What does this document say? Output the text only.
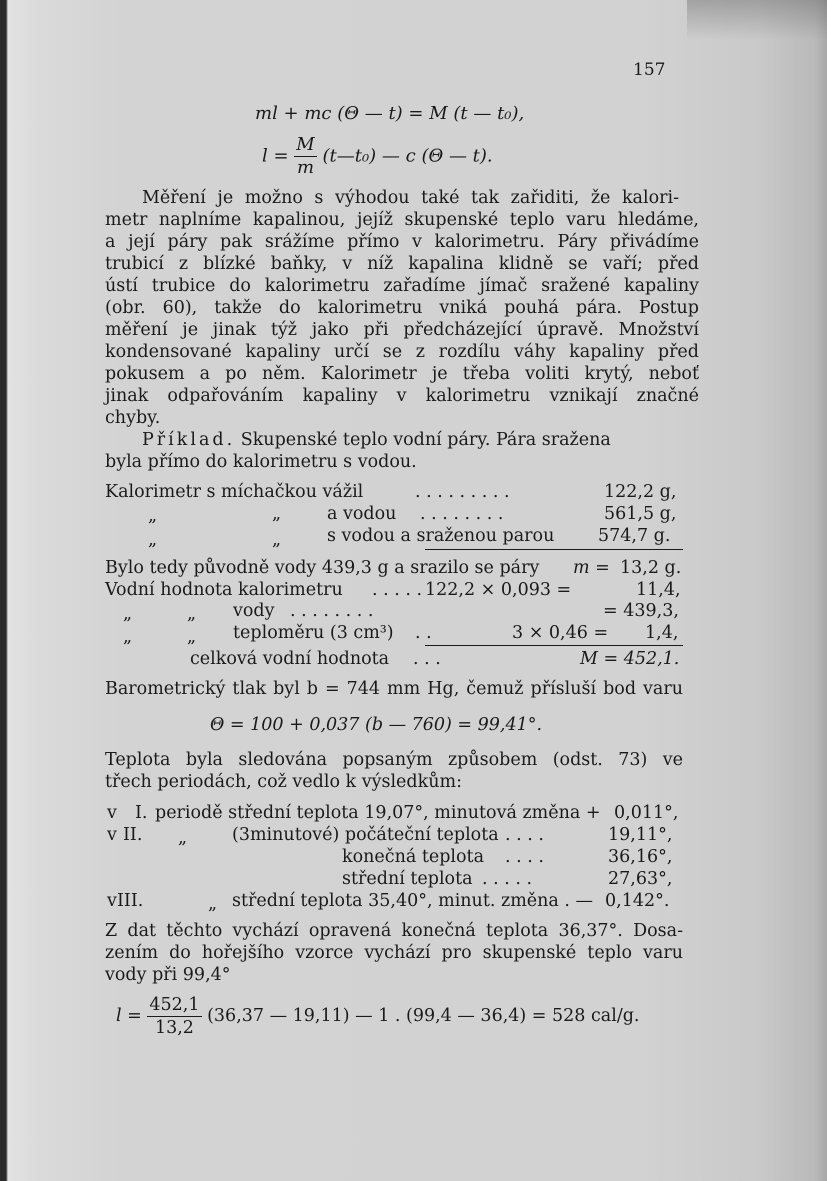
157
ml + mc (Θ — t) = M (t — t₀),
$l = \frac{M}{m}$ (t—t₀) — c (Θ — t).
Měření je možno s výhodou také tak zařiditi, že kalori-
metr naplníme kapalinou, jejíž skupenské teplo varu hledáme,
a její páry pak srážíme přímo v kalorimetru. Páry přivádíme
trubicí z blízké baňky, v níž kapalina klidně se vaří; před
ústí trubice do kalorimetru zařadíme jímač sražené kapaliny
(obr. 60), takže do kalorimetru vniká pouhá pára. Postup
měření je jinak týž jako při předcházející úpravě. Množství
kondensované kapaliny určí se z rozdílu váhy kapaliny před
pokusem a po něm. Kalorimetr je třeba voliti krytý, neboť
jinak odpařováním kapaliny v kalorimetru vznikají značné
chyby.
Příklad. Skupenské teplo vodní páry. Pára sražena
byla přímo do kalorimetru s vodou.
Kalorimetr s míchačkou vážil	. . . . . . . . .	122,2 g,
„	„	a vodou . . . . . . . .	561,5 g,
„	„	s vodou a sraženou parou 574,7 g.
Bylo tedy původně vody 439,3 g a srazilo se páry m = 13,2 g.
Vodní hodnota kalorimetru . . . . . 122,2 × 0,093 =	11,4,
„	„ vody . . . . . . . .	= 439,3,
„	„ teploměru (3 cm³) . .	3 × 0,46 = 1,4,
celková vodní hodnota . . .	M = 452,1.
Barometrický tlak byl b = 744 mm Hg, čemuž přísluší bod varu
Θ = 100 + 0,037 (b — 760) = 99,41°.
Teplota byla sledována popsaným způsobem (odst. 73) ve
třech periodách, což vedlo k výsledkům:
v I. periodě střední teplota 19,07°, minutová změna + 0,011°,
v II. „	(3minutové) počáteční teplota . . . .	19,11°,
konečná teplota . . . .	36,16°,
střední teplota . . . . .	27,63°,
v III.	„ střední teplota 35,40°, minut. změna . — 0,142°.
Z dat těchto vychází opravená konečná teplota 36,37°. Dosa-
zením do hořejšího vzorce vychází pro skupenské teplo varu
vody při 99,4°
$l = \frac{452,1}{13,2} (36,37$ — 19,11) — 1 . (99,4 — 36,4) = 528 cal/g.
